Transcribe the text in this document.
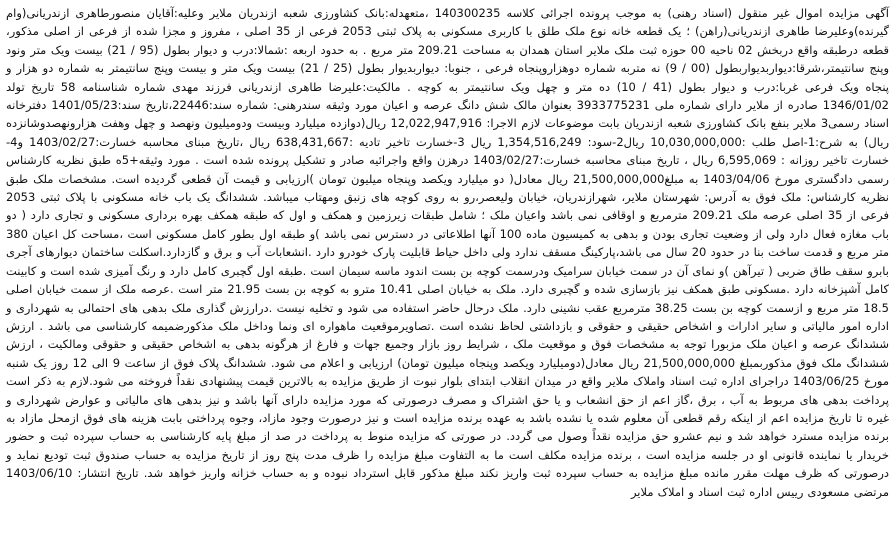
آگهی مزایده اموال غیر منقول (اسناد رهنی) به موجب پرونده اجرائی کلاسه 140300235 ،متعهدله:بانک کشاورزی شعبه ازندریان ملایر وعلیه:آقایان منصورطاهری ازندریانی(وام گیرنده)وعلیرضا طاهری ازندریانی(راهن) ؛ یک قطعه خانه نوع ملک طلق با کاربری مسکونی به پلاک ثبتی 2053 فرعی از 35 اصلی ، مفروز و مجزا شده از فرعی از اصلی مذکور، قطعه درطبقه واقع دربخش 02 ناحیه 00 حوزه ثبت ملک ملایر استان همدان به مساحت 209.21 متر مربع . به حدود اربعه :شمالا:درب و دیوار بطول (95 / 21) بیست ویک متر ونود وپنج سانتیمتر،شرقا:دیواربدیواربطول (00 / 9) نه متربه شماره دوهزاروپنجاه فرعی ، جنوبا: دیواربدیوار بطول (25 / 21) بیست ویک متر و بیست وپنج سانتیمتر به شماره دو هزار و پنجاه ویک فرعی غربا:درب و دیوار بطول (41 / 10) ده متر و چهل ویک سانتیمتر به کوچه . مالکیت:علیرضا طاهری ازندریانی فرزند مهدی شماره شناسنامه 58 تاریخ تولد 1346/01/02 صادره از ملایر دارای شماره ملی 3933775231 بعنوان مالک شش دانگ عرصه و اعیان مورد وثیقه سندرهنی: شماره سند:22446،تاریخ سند:1401/05/23 دفترخانه اسناد رسمی3 ملایر بنفع بانک کشاورزی شعبه ازندریان بابت موضوعات لازم الاجرا: 12,022,947,916 ریال(دوازده میلیارد وبیست ودومیلیون ونهصد و چهل وهفت هزارونهصدوشانزده ریال) به شرح:1-اصل طلب :10,030,000,000 ریال2-سود: 1,354,516,249 ریال 3-خسارت تاخیر تادیه :638,431,667 ریال ،تاریخ مبنای محاسبه خسارت:1403/02/27 و4-خسارت تاخیر روزانه : 6,595,069 ریال ، تاریخ مبنای محاسبه خسارت:1403/02/27 درهزن واقع واجرائیه صادر و تشکیل پرونده شده است . مورد وثیقه+5ه طبق نظریه کارشناس رسمی دادگستری مورخ 1403/04/06 به مبلغ21,500,000,000 ریال معادل( دو میلیارد ویکصد وپنجاه میلیون تومان )ارزیابی و قیمت آن قطعی گردیده است. مشخصات ملک طبق نظریه کارشناس: ملک فوق به آدرس: شهرستان ملایر، شهرازندریان، خیابان ولیعصر،رو به روی کوچه های زنبق ومهتاب میباشد. ششدانگ یک باب خانه مسکونی با پلاک ثبتی 2053 فرعی از 35 اصلی عرصه ملک 209.21 مترمربع و اوقافی نمی باشد واعیان ملک ؛ شامل طبقات زیرزمین و همکف و اول که طبقه همکف بهره برداری مسکونی و تجاری دارد ( دو باب مغازه فعال دارد ولی از وضعیت تجاری بودن و بدهی به کمیسیون ماده 100 آنها اطلاعاتی در دسترس نمی باشد )و طبقه اول بطور کامل مسکونی است ،مساحت کل اعیان 380 متر مربع و قدمت ساخت بنا در حدود 20 سال می باشد،پارکینگ مسقف ندارد ولی داخل حیاط قابلیت پارک خودرو دارد .انشعابات آب و برق و گازدارد.اسکلت ساختمان دیوارهای آجری بابرو سقف طاق ضربی ( تیرآهن )و نمای آن در سمت خیابان سرامیک ودرسمت کوچه بن بست اندود ماسه سیمان است .طبقه اول گچبری کامل دارد و رنگ آمیزی شده است و کابینت کامل آشپزخانه دارد .مسکونی طبق همکف نیز بازسازی شده و گچبری دارد. ملک به خیابان اصلی 10.41 مترو به کوچه بن بست 21.95 متر است .عرصه ملک از سمت خیابان اصلی 18.5 متر مربع و ازسمت کوچه بن بست 38.25 مترمربع عقب نشینی دارد. ملک درحال حاضر استفاده می شود و تخلیه نیست .درارزش گذاری ملک بدهی های احتمالی به شهرداری و اداره امور مالیاتی و سایر ادارات و اشخاص حقیقی و حقوقی و بازداشتی لحاظ نشده است .تصاویرموقعیت ماهواره ای ونما وداخل ملک مذکورضمیمه کارشناسی می باشد . ارزش ششدانگ عرصه و اعیان ملک مزبورا توجه به مشخصات فوق و موقعیت ملک ، شرایط روز بازار وجمیع جهات و فارغ از هرگونه بدهی به اشخاص حقیقی و حقوقی ومالکیت ، ارزش ششدانگ ملک فوق مذکوربمبلغ 21,500,000,000 ریال معادل(دومیلیارد ویکصد وپنجاه میلیون تومان) ارزیابی و اعلام می شود. ششدانگ پلاک فوق از ساعت 9 الی 12 روز یک شنبه مورخ 1403/06/25 دراجرای اداره ثبت اسناد واملاک ملایر واقع در میدان انقلاب ابتدای بلوار نبوت از طریق مزایده به بالاترین قیمت پیشنهادی نقداً فروخته می شود.لازم به ذکر است پرداخت بدهی های مربوط به آب ، برق ،گاز اعم از حق انشعاب و یا حق اشتراک و مصرف درصورتی که مورد مزایده دارای آنها باشد و نیز بدهی های مالیاتی و عوارض شهرداری و غیره تا تاریخ مزایده اعم از اینکه رقم قطعی آن معلوم شده یا نشده باشد به عهده برنده مزایده است و نیز درصورت وجود مازاد، وجوه پرداختی بابت هزینه های فوق ازمحل مازاد به برنده مزایده مسترد خواهد شد و نیم عشرو حق مزایده نقداً وصول می گردد. در صورتی که مزایده منوط به پرداخت در صد از مبلغ پایه کارشناسی به حساب سپرده ثبت و حضور خریدار یا نماینده قانونی او در جلسه مزایده است ، برنده مزایده مکلف است ما به التفاوت مبلغ مزایده را ظرف مدت پنج روز از تاریخ مزایده به حساب صندوق ثبت تودیع نماید و درصورتی که ظرف مهلت مقرر مانده مبلغ مزایده به حساب سپرده ثبت واریز نکند مبلغ مذکور قابل استرداد نبوده و به حساب خزانه واریز خواهد شد. تاریخ انتشار: 1403/06/10 مرتضی مسعودی رییس اداره ثبت اسناد و املاک ملایر
